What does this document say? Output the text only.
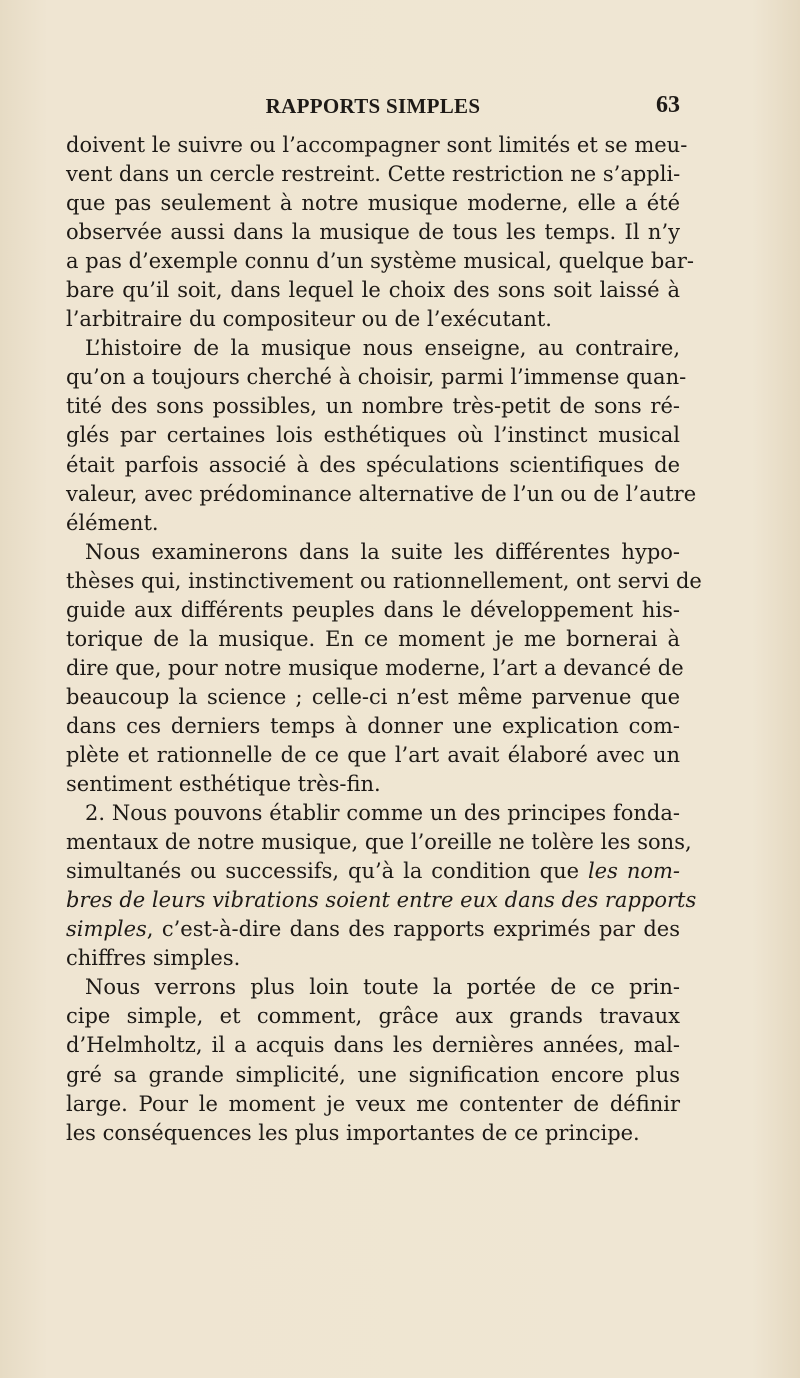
RAPPORTS SIMPLES	63
doivent le suivre ou l’accompagner sont limités et se meu-
vent dans un cercle restreint. Cette restriction ne s’appli-
que pas seulement à notre musique moderne, elle a été
observée aussi dans la musique de tous les temps. Il n’y
a pas d’exemple connu d’un système musical, quelque bar-
bare qu’il soit, dans lequel le choix des sons soit laissé à
l’arbitraire du compositeur ou de l’exécutant.
L’histoire de la musique nous enseigne, au contraire,
qu’on a toujours cherché à choisir, parmi l’immense quan-
tité des sons possibles, un nombre très-petit de sons ré-
glés par certaines lois esthétiques où l’instinct musical
était parfois associé à des spéculations scientifiques de
valeur, avec prédominance alternative de l’un ou de l’autre
élément.
Nous examinerons dans la suite les différentes hypo-
thèses qui, instinctivement ou rationnellement, ont servi de
guide aux différents peuples dans le développement his-
torique de la musique. En ce moment je me bornerai à
dire que, pour notre musique moderne, l’art a devancé de
beaucoup la science ; celle-ci n’est même parvenue que
dans ces derniers temps à donner une explication com-
plète et rationnelle de ce que l’art avait élaboré avec un
sentiment esthétique très-fin.
2. Nous pouvons établir comme un des principes fonda-
mentaux de notre musique, que l’oreille ne tolère les sons,
simultanés ou successifs, qu’à la condition que les nom-
bres de leurs vibrations soient entre eux dans des rapports
simples, c’est-à-dire dans des rapports exprimés par des
chiffres simples.
Nous verrons plus loin toute la portée de ce prin-
cipe simple, et comment, grâce aux grands travaux
d’Helmholtz, il a acquis dans les dernières années, mal-
gré sa grande simplicité, une signification encore plus
large. Pour le moment je veux me contenter de définir
les conséquences les plus importantes de ce principe.
